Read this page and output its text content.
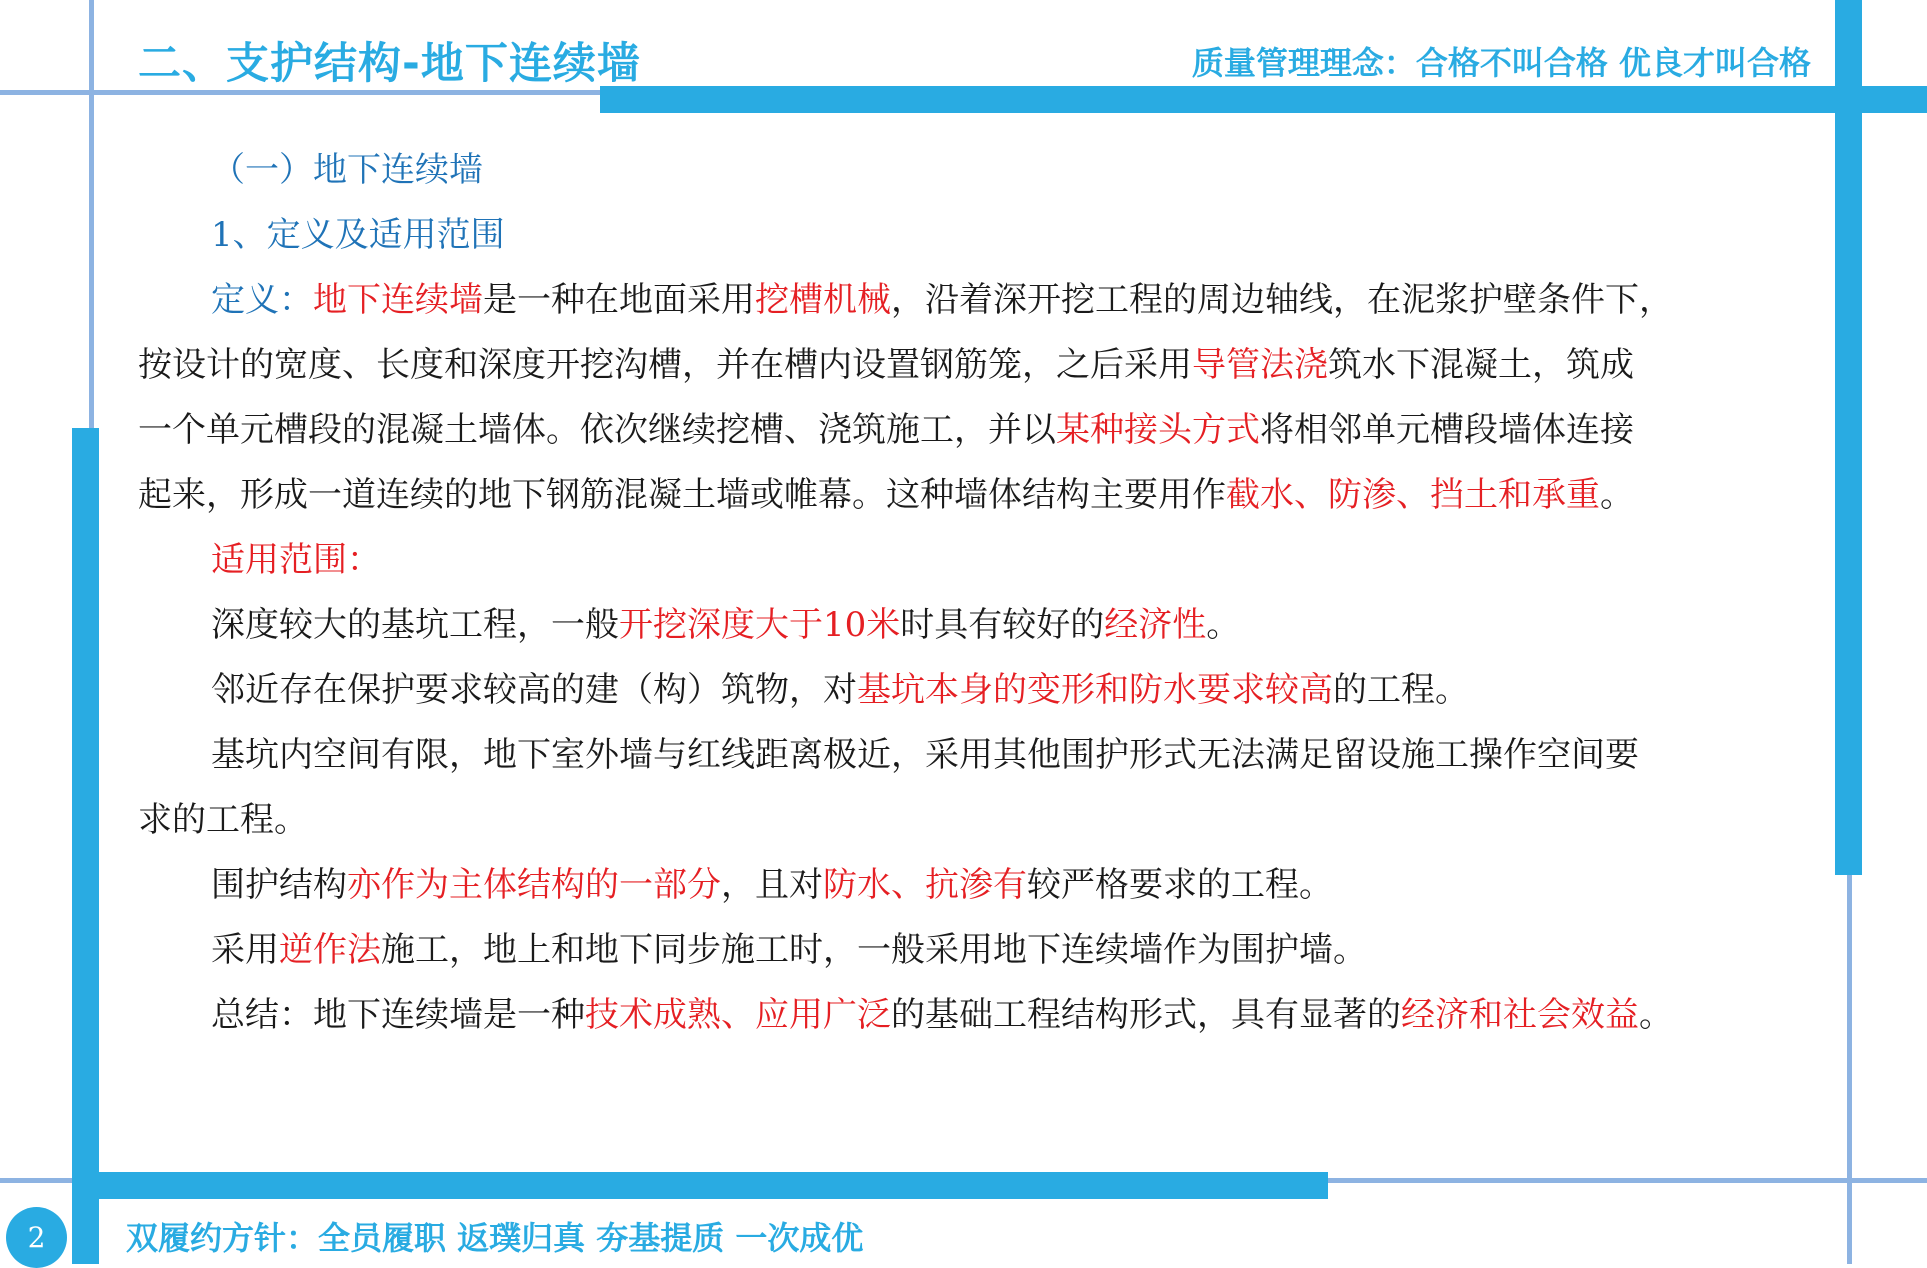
二、支护结构-地下连续墙	质量管理理念：合格不叫合格 优良才叫合格

（一）地下连续墙

1、定义及适用范围

定义：地下连续墙是一种在地面采用挖槽机械，沿着深开挖工程的周边轴线，在泥浆护壁条件下，

按设计的宽度、长度和深度开挖沟槽，并在槽内设置钢筋笼，之后采用导管法浇筑水下混凝土，筑成

一个单元槽段的混凝土墙体。依次继续挖槽、浇筑施工，并以某种接头方式将相邻单元槽段墙体连接

起来，形成一道连续的地下钢筋混凝土墙或帷幕。这种墙体结构主要用作截水、防渗、挡土和承重。

适用范围：

深度较大的基坑工程，一般开挖深度大于10米时具有较好的经济性。

邻近存在保护要求较高的建（构）筑物，对基坑本身的变形和防水要求较高的工程。

基坑内空间有限，地下室外墙与红线距离极近，采用其他围护形式无法满足留设施工操作空间要

求的工程。

围护结构亦作为主体结构的一部分，且对防水、抗渗有较严格要求的工程。

采用逆作法施工，地上和地下同步施工时，一般采用地下连续墙作为围护墙。

总结：地下连续墙是一种技术成熟、应用广泛的基础工程结构形式，具有显著的经济和社会效益。

2	双履约方针：全员履职 返璞归真 夯基提质 一次成优
